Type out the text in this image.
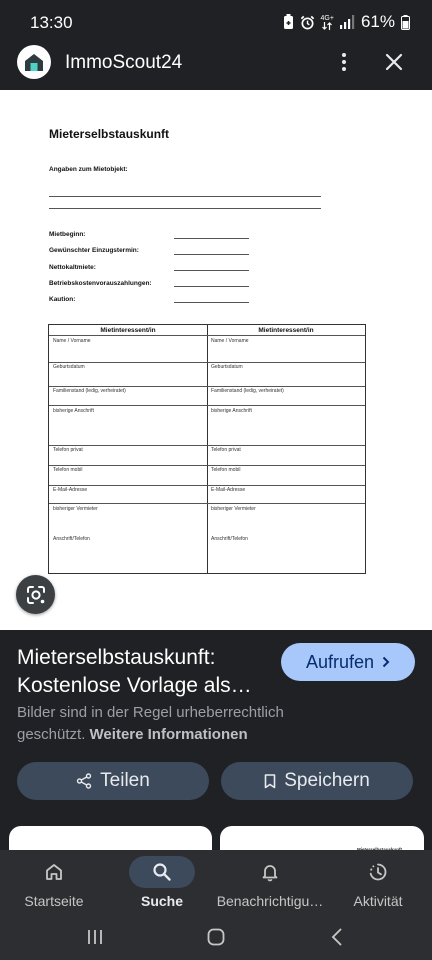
13:30	4G+ 61%
ImmoScout24
Mieterselbstauskunft
Angaben zum Mietobjekt:
Mietbeginn:
Gewünschter Einzugstermin:
Nettokaltmiete:
Betriebskostenvorauszahlungen:
Kaution:
Mietinteressent/in	Mietinteressent/in
Name / Vorname	Name / Vorname
Geburtsdatum	Geburtsdatum
Familienstand (ledig, verheiratet)	Familienstand (ledig, verheiratet)
bisherige Anschrift	bisherige Anschrift
Telefon privat	Telefon privat
Telefon mobil	Telefon mobil
E-Mail-Adresse	E-Mail-Adresse
bisheriger Vermieter	bisheriger Vermieter
Anschrift/Telefon	Anschrift/Telefon
Mieterselbstauskunft: Kostenlose Vorlage als…
Aufrufen
Bilder sind in der Regel urheberrechtlich geschützt. Weitere Informationen
Teilen	Speichern
Startseite	Suche Benachrichtigu… Aktivität
